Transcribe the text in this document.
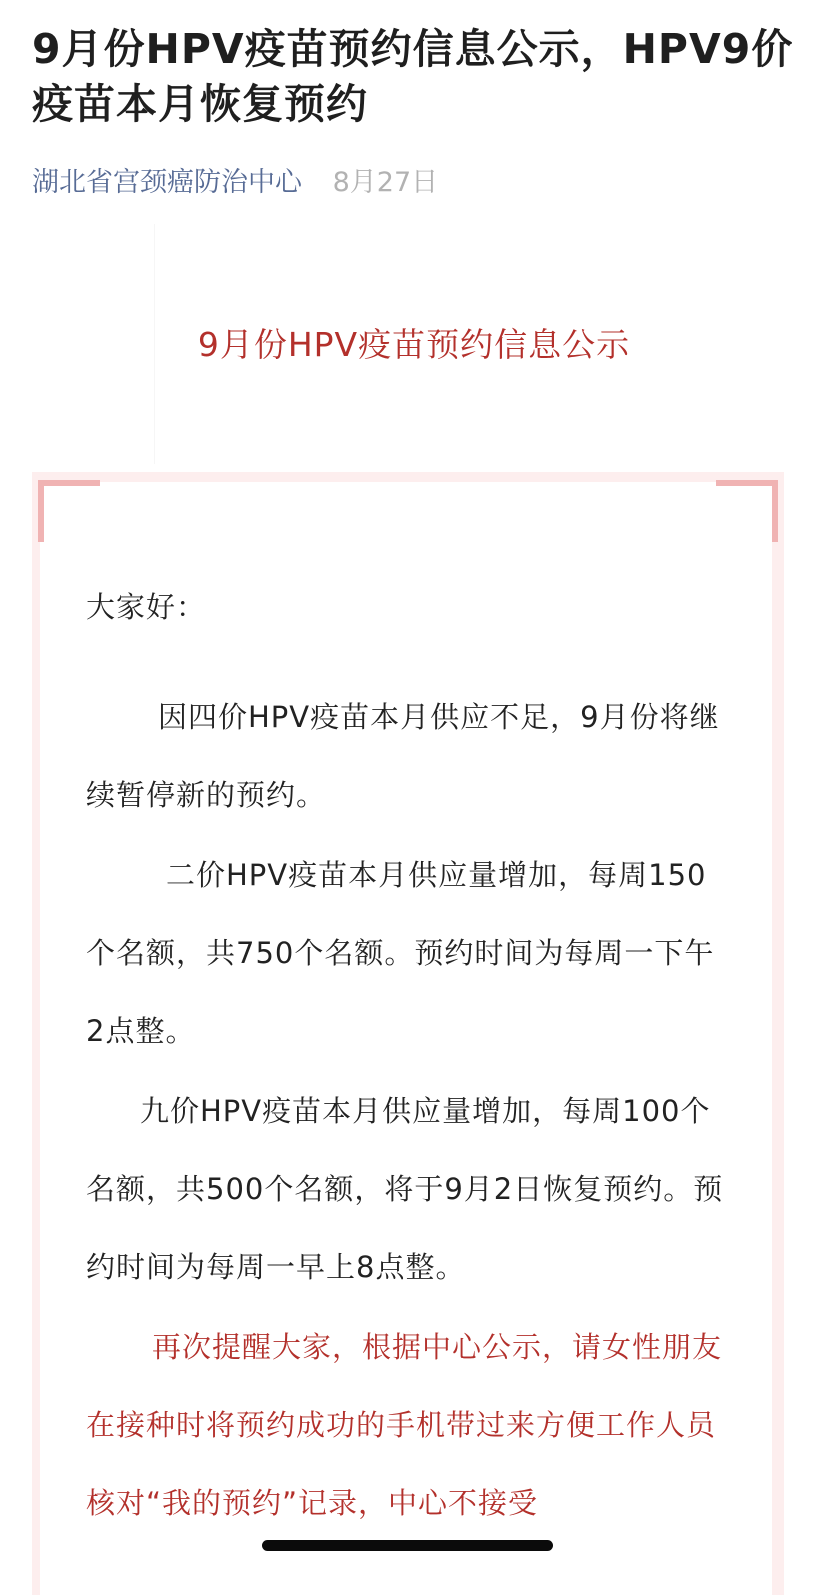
9月份HPV疫苗预约信息公示，HPV9价疫苗本月恢复预约
湖北省宫颈癌防治中心 8月27日
9月份HPV疫苗预约信息公示

大家好：

因四价HPV疫苗本月供应不足，9月份将继续暂停新的预约。

二价HPV疫苗本月供应量增加，每周150个名额，共750个名额。预约时间为每周一下午2点整。

九价HPV疫苗本月供应量增加，每周100个名额，共500个名额，将于9月2日恢复预约。预约时间为每周一早上8点整。

再次提醒大家，根据中心公示，请女性朋友在接种时将预约成功的手机带过来方便工作人员核对“我的预约”记录，中心不接受
